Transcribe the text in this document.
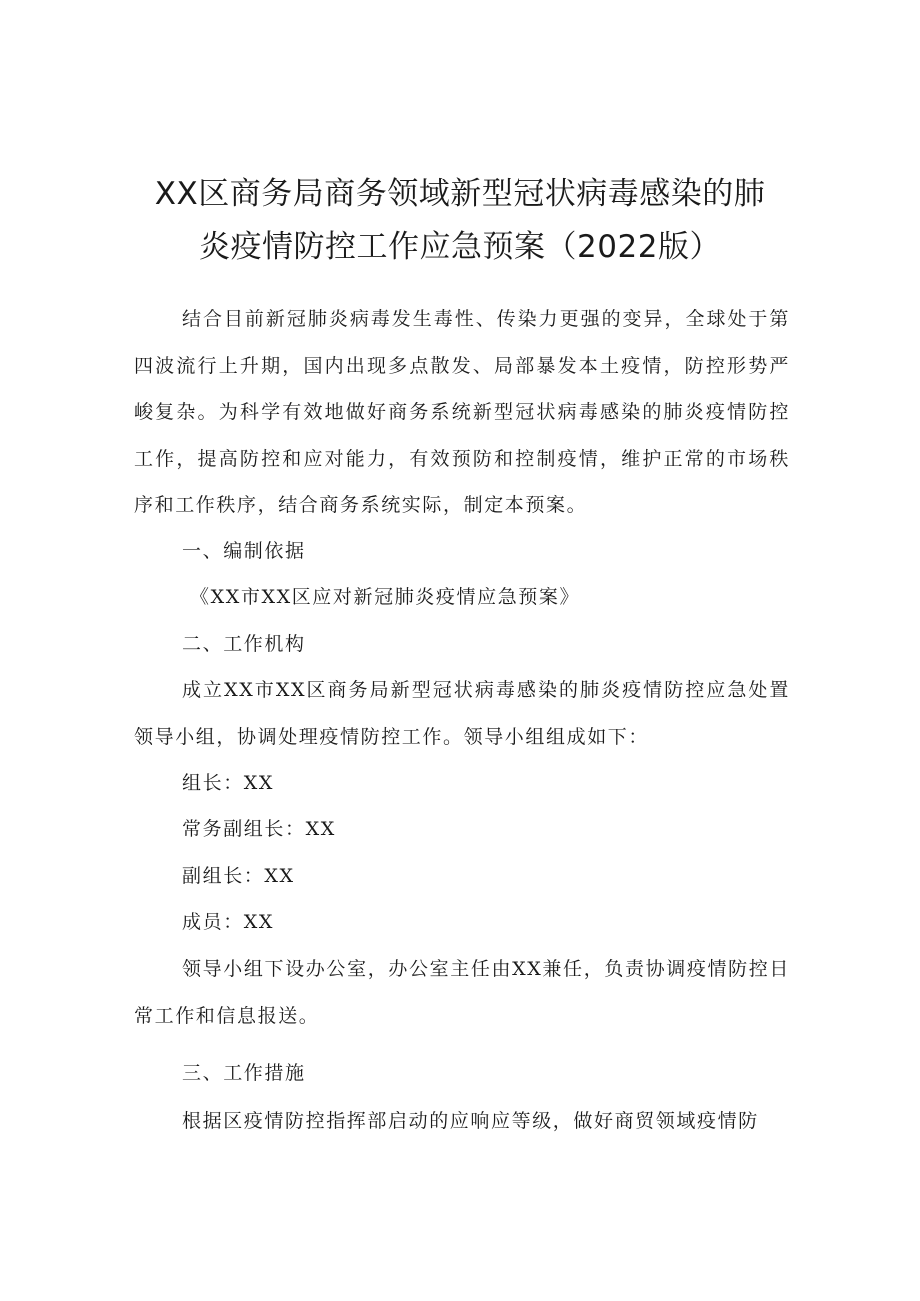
XX区商务局商务领域新型冠状病毒感染的肺
炎疫情防控工作应急预案（2022版）

结合目前新冠肺炎病毒发生毒性、传染力更强的变异，全球处于第四波流行上升期，国内出现多点散发、局部暴发本土疫情，防控形势严峻复杂。为科学有效地做好商务系统新型冠状病毒感染的肺炎疫情防控工作，提高防控和应对能力，有效预防和控制疫情，维护正常的市场秩序和工作秩序，结合商务系统实际，制定本预案。

一、编制依据

《XX市XX区应对新冠肺炎疫情应急预案》

二、工作机构

成立XX市XX区商务局新型冠状病毒感染的肺炎疫情防控应急处置领导小组，协调处理疫情防控工作。领导小组组成如下：

组长：XX

常务副组长：XX

副组长：XX

成员：XX

领导小组下设办公室，办公室主任由XX兼任，负责协调疫情防控日常工作和信息报送。

三、工作措施

根据区疫情防控指挥部启动的应响应等级，做好商贸领域疫情防
